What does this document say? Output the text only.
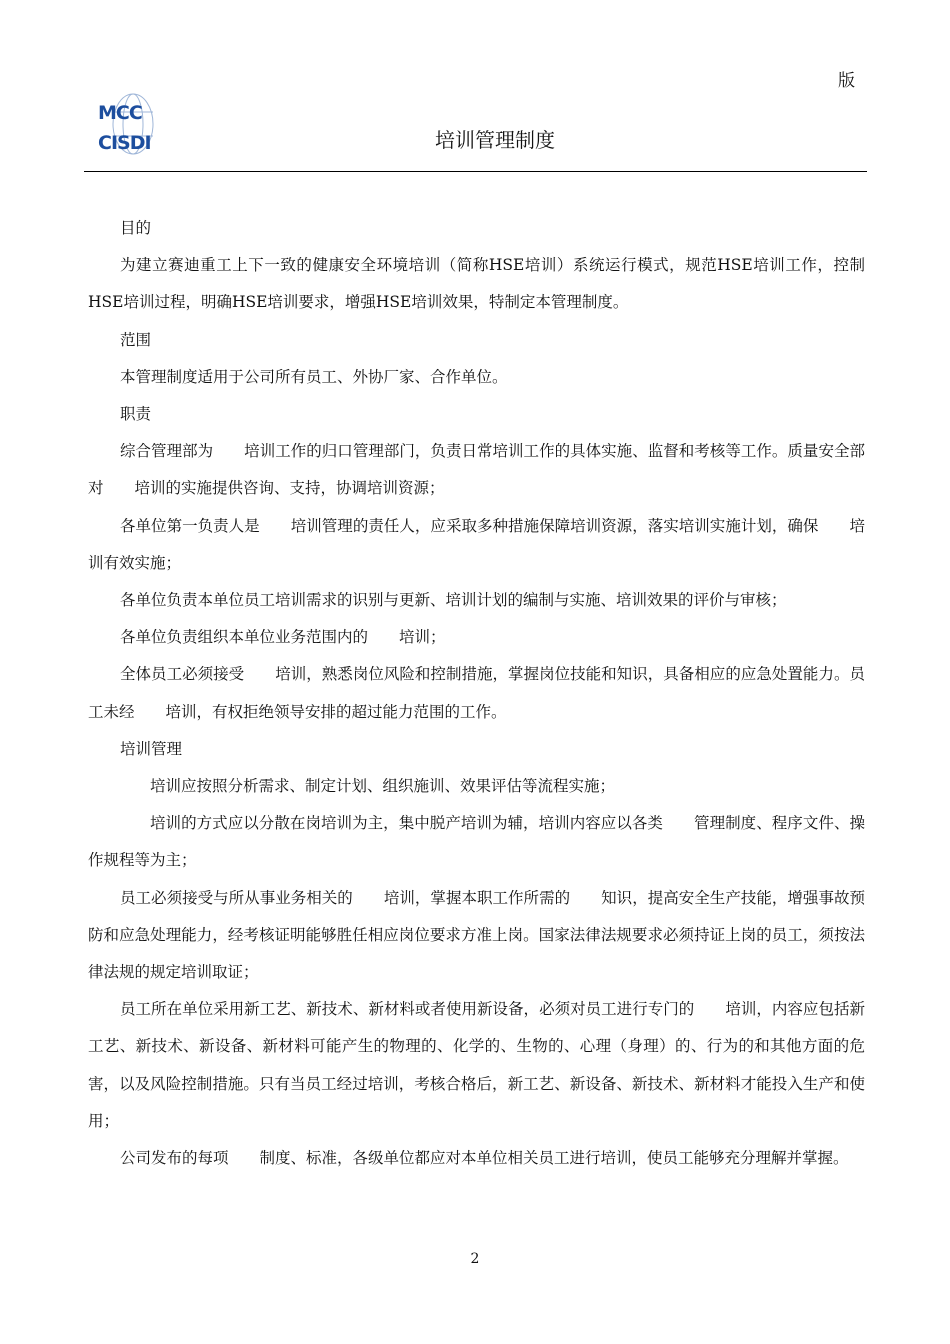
版
MCC
CISDI	培训管理制度

目的

为建立赛迪重工上下一致的健康安全环境培训（简称HSE培训）系统运行模式，规范HSE培训工作，控制HSE培训过程，明确HSE培训要求，增强HSE培训效果，特制定本管理制度。

范围

本管理制度适用于公司所有员工、外协厂家、合作单位。

职责

综合管理部为　　培训工作的归口管理部门，负责日常培训工作的具体实施、监督和考核等工作。质量安全部对　　培训的实施提供咨询、支持，协调培训资源；

各单位第一负责人是　　培训管理的责任人，应采取多种措施保障培训资源，落实培训实施计划，确保　　培训有效实施；

各单位负责本单位员工培训需求的识别与更新、培训计划的编制与实施、培训效果的评价与审核；

各单位负责组织本单位业务范围内的　　培训；

全体员工必须接受　　培训，熟悉岗位风险和控制措施，掌握岗位技能和知识，具备相应的应急处置能力。员工未经　　培训，有权拒绝领导安排的超过能力范围的工作。

培训管理

培训应按照分析需求、制定计划、组织施训、效果评估等流程实施；

培训的方式应以分散在岗培训为主，集中脱产培训为辅，培训内容应以各类　　管理制度、程序文件、操作规程等为主；

员工必须接受与所从事业务相关的　　培训，掌握本职工作所需的　　知识，提高安全生产技能，增强事故预防和应急处理能力，经考核证明能够胜任相应岗位要求方准上岗。国家法律法规要求必须持证上岗的员工，须按法律法规的规定培训取证；

员工所在单位采用新工艺、新技术、新材料或者使用新设备，必须对员工进行专门的　　培训，内容应包括新工艺、新技术、新设备、新材料可能产生的物理的、化学的、生物的、心理（身理）的、行为的和其他方面的危害，以及风险控制措施。只有当员工经过培训，考核合格后，新工艺、新设备、新技术、新材料才能投入生产和使用；

公司发布的每项　　制度、标准，各级单位都应对本单位相关员工进行培训，使员工能够充分理解并掌握。

2
